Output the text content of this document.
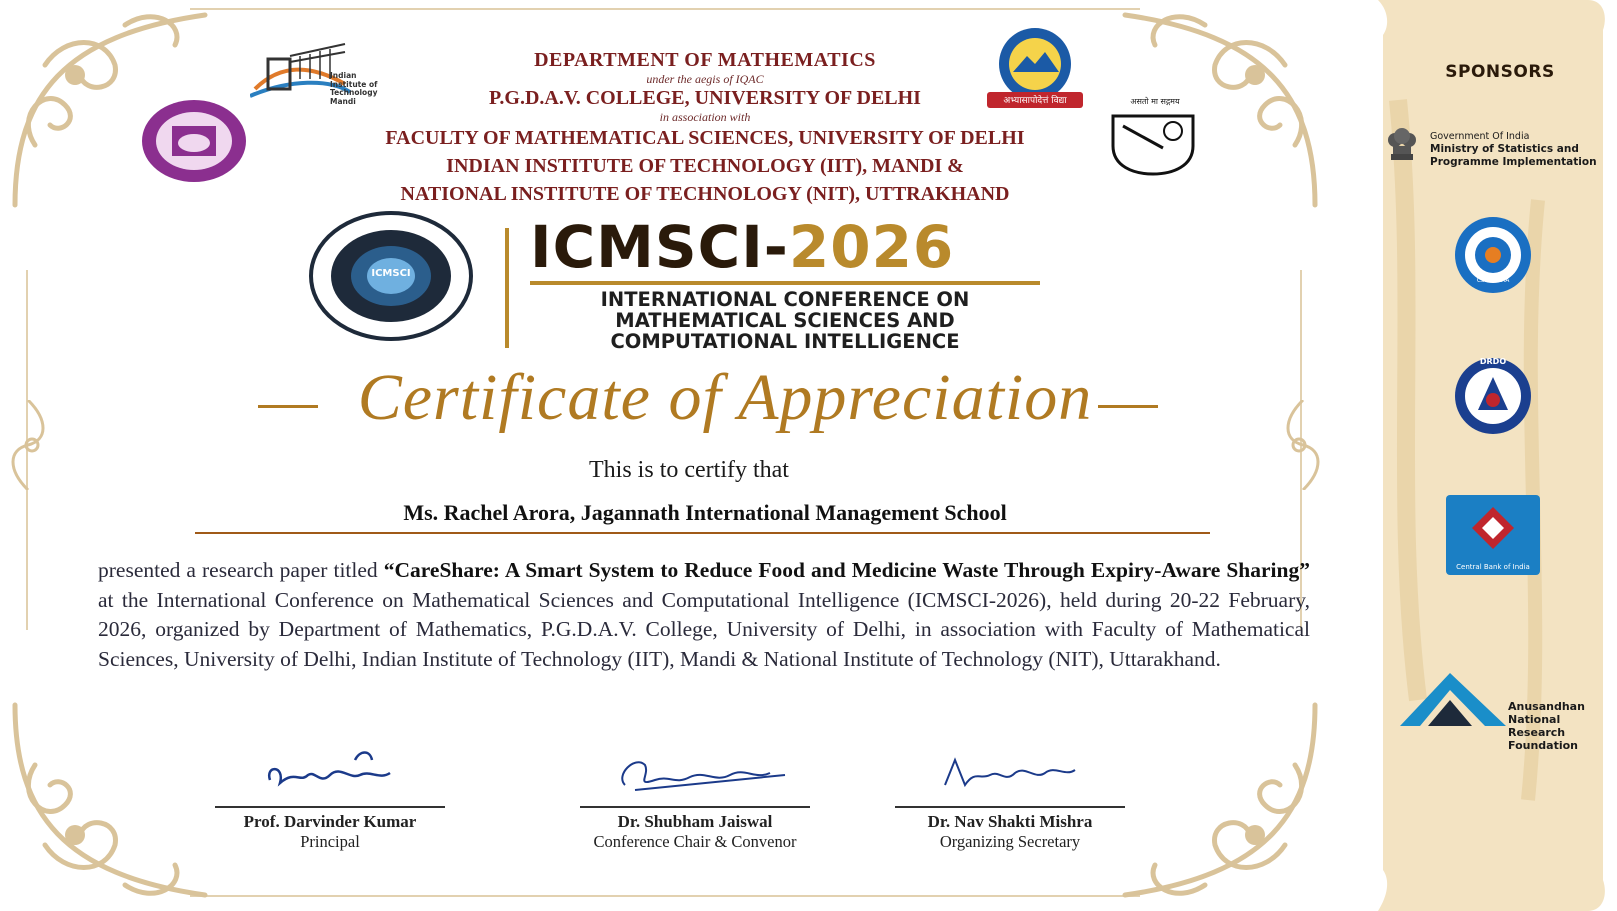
Indian Institute of Technology Mandi	अभ्यासापोदेत्तं विद्या	असतो मा सद्गमय
DEPARTMENT OF MATHEMATICS
under the aegis of IQAC
P.G.D.A.V. COLLEGE, UNIVERSITY OF DELHI
in association with
FACULTY OF MATHEMATICAL SCIENCES, UNIVERSITY OF DELHI
INDIAN INSTITUTE OF TECHNOLOGY (IIT), MANDI &
NATIONAL INSTITUTE OF TECHNOLOGY (NIT), UTTRAKHAND
ICMSCI ICMSCI-2026
INTERNATIONAL CONFERENCE ON
MATHEMATICAL SCIENCES AND
COMPUTATIONAL INTELLIGENCE
Certificate of Appreciation
This is to certify that
Ms. Rachel Arora, Jagannath International Management School
presented a research paper titled “CareShare: A Smart System to Reduce Food and Medicine Waste Through Expiry-Aware Sharing” at the International Conference on Mathematical Sciences and Computational Intelligence (ICMSCI-2026), held during 20-22 February, 2026, organized by Department of Mathematics, P.G.D.A.V. College, University of Delhi, in association with Faculty of Mathematical Sciences, University of Delhi, Indian Institute of Technology (IIT), Mandi & National Institute of Technology (NIT), Uttarakhand.
Prof. Darvinder Kumar
Principal
Dr. Shubham Jaiswal
Conference Chair & Convenor
Dr. Nav Shakti Mishra
Organizing Secretary
SPONSORS
Government Of India
Ministry of Statistics and
Programme Implementation
CSIR-INDIA
DRDO
Central Bank of India
Anusandhan
National
Research
Foundation
